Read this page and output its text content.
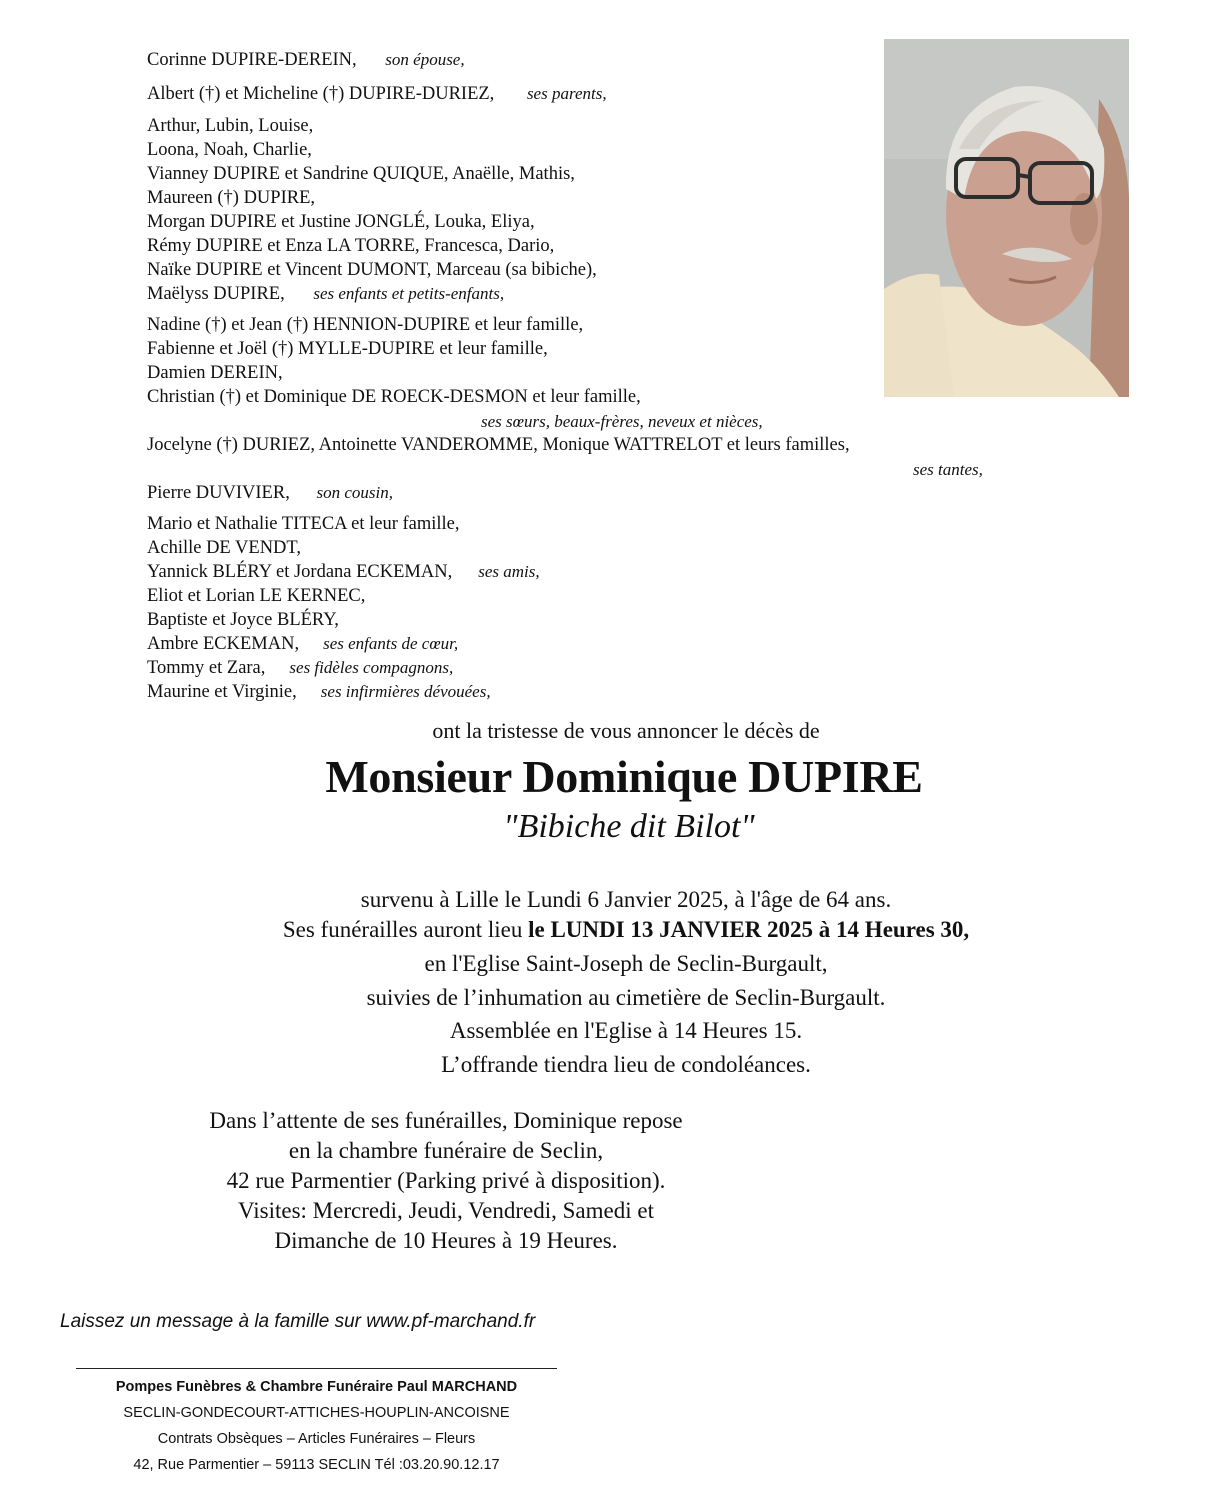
Corinne DUPIRE-DEREIN, son épouse,
Albert (†) et Micheline (†) DUPIRE-DURIEZ, ses parents,
Arthur, Lubin, Louise,
Loona, Noah, Charlie,
Vianney DUPIRE et Sandrine QUIQUE, Anaëlle, Mathis,
Maureen (†) DUPIRE,
Morgan DUPIRE et Justine JONGLÉ, Louka, Eliya,
Rémy DUPIRE et Enza LA TORRE, Francesca, Dario,
Naïke DUPIRE et Vincent DUMONT, Marceau (sa bibiche),
Maëlyss DUPIRE, ses enfants et petits-enfants,
Nadine (†) et Jean (†) HENNION-DUPIRE et leur famille,
Fabienne et Joël (†) MYLLE-DUPIRE et leur famille,
Damien DEREIN,
Christian (†) et Dominique DE ROECK-DESMON et leur famille,
ses sœurs, beaux-frères, neveux et nièces,
Jocelyne (†) DURIEZ, Antoinette VANDEROMME, Monique WATTRELOT et leurs familles,
ses tantes,
Pierre DUVIVIER, son cousin,
Mario et Nathalie TITECA et leur famille,
Achille DE VENDT,
Yannick BLÉRY et Jordana ECKEMAN, ses amis,
Eliot et Lorian LE KERNEC,
Baptiste et Joyce BLÉRY,
Ambre ECKEMAN, ses enfants de cœur,
Tommy et Zara, ses fidèles compagnons,
Maurine et Virginie, ses infirmières dévouées,
ont la tristesse de vous annoncer le décès de
Monsieur Dominique DUPIRE
"Bibiche dit Bilot"
survenu à Lille le Lundi 6 Janvier 2025, à l'âge de 64 ans.
Ses funérailles auront lieu le LUNDI 13 JANVIER 2025 à 14 Heures 30,
en l'Eglise Saint-Joseph de Seclin-Burgault,
suivies de l’inhumation au cimetière de Seclin-Burgault.
Assemblée en l'Eglise à 14 Heures 15.
L’offrande tiendra lieu de condoléances.
Dans l’attente de ses funérailles, Dominique repose
en la chambre funéraire de Seclin,
42 rue Parmentier (Parking privé à disposition).
Visites: Mercredi, Jeudi, Vendredi, Samedi et
Dimanche de 10 Heures à 19 Heures.
Laissez un message à la famille sur www.pf-marchand.fr
Pompes Funèbres & Chambre Funéraire Paul MARCHAND
SECLIN-GONDECOURT-ATTICHES-HOUPLIN-ANCOISNE
Contrats Obsèques – Articles Funéraires – Fleurs
42, Rue Parmentier – 59113 SECLIN Tél :03.20.90.12.17
